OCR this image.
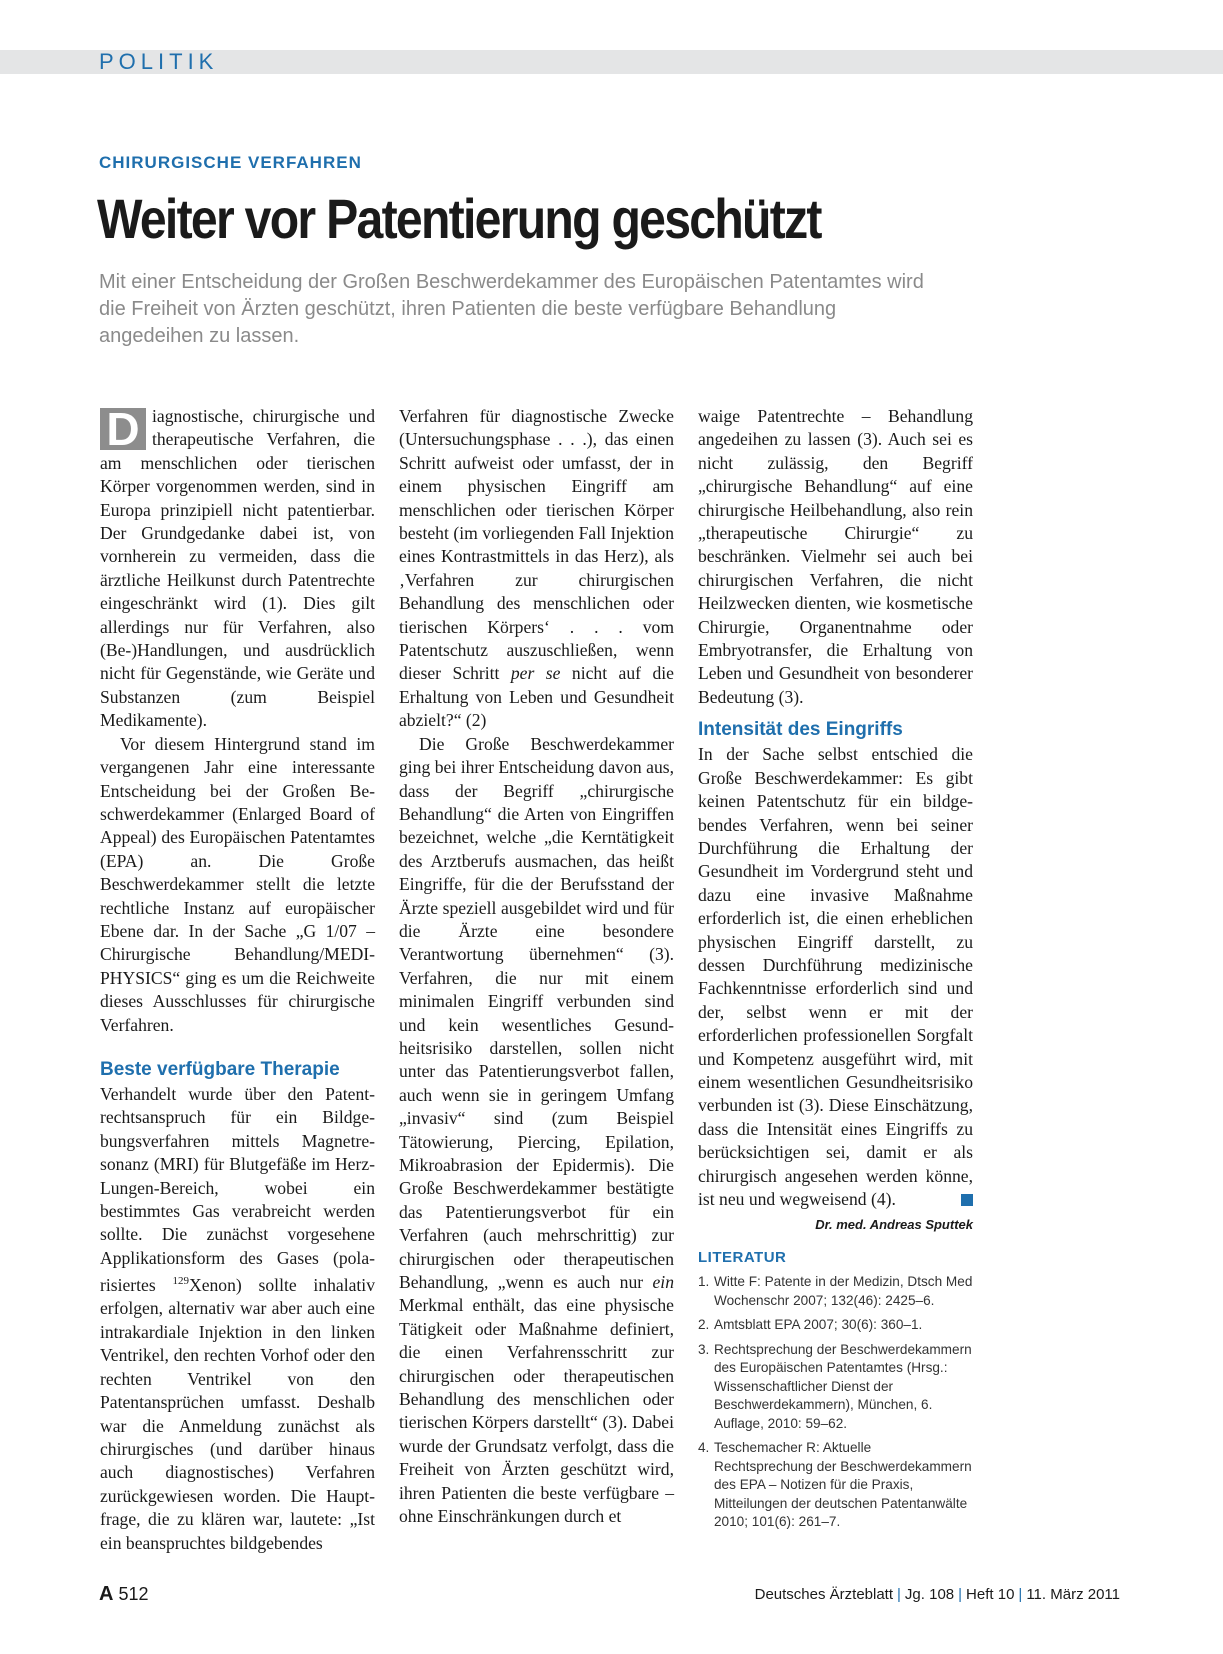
POLITIK
CHIRURGISCHE VERFAHREN
Weiter vor Patentierung geschützt
Mit einer Entscheidung der Großen Beschwerdekammer des Europäischen Patentamtes wird die Freiheit von Ärzten geschützt, ihren Patienten die beste verfügbare Behandlung angedeihen zu lassen.

D iagnostische, chirurgische und therapeutische Verfahren, die am menschlichen oder tierischen Körper vorgenommen werden, sind in Europa prinzipiell nicht patentierbar. Der Grundgedanke dabei ist, von vornherein zu vermeiden, dass die ärztliche Heilkunst durch Patentrechte eingeschränkt wird (1). Dies gilt allerdings nur für Verfahren, also (Be-)Handlungen, und ausdrücklich nicht für Gegenstände, wie Geräte und Substanzen (zum Beispiel Medikamente).

Vor diesem Hintergrund stand im vergangenen Jahr eine interessante Entscheidung bei der Großen Beschwerdekammer (Enlarged Board of Appeal) des Europäischen Patentamtes (EPA) an. Die Große Beschwerdekammer stellt die letzte rechtliche Instanz auf europäischer Ebene dar. In der Sache „G 1/07 – Chirurgische Behandlung/MEDIPHYSICS“ ging es um die Reichweite dieses Ausschlusses für chirurgische Verfahren.

Beste verfügbare Therapie

Verhandelt wurde über den Patentrechtsanspruch für ein Bildgebungsverfahren mittels Magnetresonanz (MRI) für Blutgefäße im Herz-Lungen-Bereich, wobei ein bestimmtes Gas verabreicht werden sollte. Die zunächst vorgesehene Applikationsform des Gases (polarisiertes $^{129}$Xenon) sollte inhalativ erfolgen, alternativ war aber auch eine intrakardiale Injektion in den linken Ventrikel, den rechten Vorhof oder den rechten Ventrikel von den Patentansprüchen umfasst. Deshalb war die Anmeldung zunächst als chirurgisches (und darüber hinaus auch diagnostisches) Verfahren zurückgewiesen worden. Die Hauptfrage, die zu klären war, lautete: „Ist ein beanspruchtes bildgebendes

Verfahren für diagnostische Zwecke (Untersuchungsphase . . .), das einen Schritt aufweist oder umfasst, der in einem physischen Eingriff am menschlichen oder tierischen Körper besteht (im vorliegenden Fall Injektion eines Kontrastmittels in das Herz), als ‚Verfahren zur chirurgischen Behandlung des menschlichen oder tierischen Körpers‘ . . . vom Patentschutz auszuschließen, wenn dieser Schritt per se nicht auf die Erhaltung von Leben und Gesundheit abzielt?“ (2)

Die Große Beschwerdekammer ging bei ihrer Entscheidung davon aus, dass der Begriff „chirurgische Behandlung“ die Arten von Eingriffen bezeichnet, welche „die Kerntätigkeit des Arztberufs ausmachen, das heißt Eingriffe, für die der Berufsstand der Ärzte speziell ausgebildet wird und für die Ärzte eine besondere Verantwortung übernehmen“ (3). Verfahren, die nur mit einem minimalen Eingriff verbunden sind und kein wesentliches Gesundheitsrisiko darstellen, sollen nicht unter das Patentierungsverbot fallen, auch wenn sie in geringem Umfang „invasiv“ sind (zum Beispiel Tätowierung, Piercing, Epilation, Mikroabrasion der Epidermis). Die Große Beschwerdekammer bestätigte das Patentierungsverbot für ein Verfahren (auch mehrschrittig) zur chirurgischen oder therapeutischen Behandlung, „wenn es auch nur ein Merkmal enthält, das eine physische Tätigkeit oder Maßnahme definiert, die einen Verfahrensschritt zur chirurgischen oder therapeutischen Behandlung des menschlichen oder tierischen Körpers darstellt“ (3). Dabei wurde der Grundsatz verfolgt, dass die Freiheit von Ärzten geschützt wird, ihren Patienten die beste verfügbare – ohne Einschränkungen durch et

waige Patentrechte – Behandlung angedeihen zu lassen (3). Auch sei es nicht zulässig, den Begriff „chirurgische Behandlung“ auf eine chirurgische Heilbehandlung, also rein „therapeutische Chirurgie“ zu beschränken. Vielmehr sei auch bei chirurgischen Verfahren, die nicht Heilzwecken dienten, wie kosmetische Chirurgie, Organentnahme oder Embryotransfer, die Erhaltung von Leben und Gesundheit von besonderer Bedeutung (3).

Intensität des Eingriffs

In der Sache selbst entschied die Große Beschwerdekammer: Es gibt keinen Patentschutz für ein bildgebendes Verfahren, wenn bei seiner Durchführung die Erhaltung der Gesundheit im Vordergrund steht und dazu eine invasive Maßnahme erforderlich ist, die einen erheblichen physischen Eingriff darstellt, zu dessen Durchführung medizinische Fachkenntnisse erforderlich sind und der, selbst wenn er mit der erforderlichen professionellen Sorgfalt und Kompetenz ausgeführt wird, mit einem wesentlichen Gesundheitsrisiko verbunden ist (3). Diese Einschätzung, dass die Intensität eines Eingriffs zu berücksichtigen sei, damit er als chirurgisch angesehen werden könne, ist neu und wegweisend (4).

Dr. med. Andreas Sputtek
LITERATUR
1. Witte F: Patente in der Medizin, Dtsch Med Wochenschr 2007; 132(46): 2425–6.
2. Amtsblatt EPA 2007; 30(6): 360–1.
3. Rechtsprechung der Beschwerdekammern des Europäischen Patentamtes (Hrsg.: Wissenschaftlicher Dienst der Beschwerdekammern), München, 6. Auflage, 2010: 59–62.
4. Teschemacher R: Aktuelle Rechtsprechung der Beschwerdekammern des EPA – Notizen für die Praxis, Mitteilungen der deutschen Patentanwälte 2010; 101(6): 261–7.
A 512	Deutsches Ärzteblatt | Jg. 108 | Heft 10 | 11. März 2011
